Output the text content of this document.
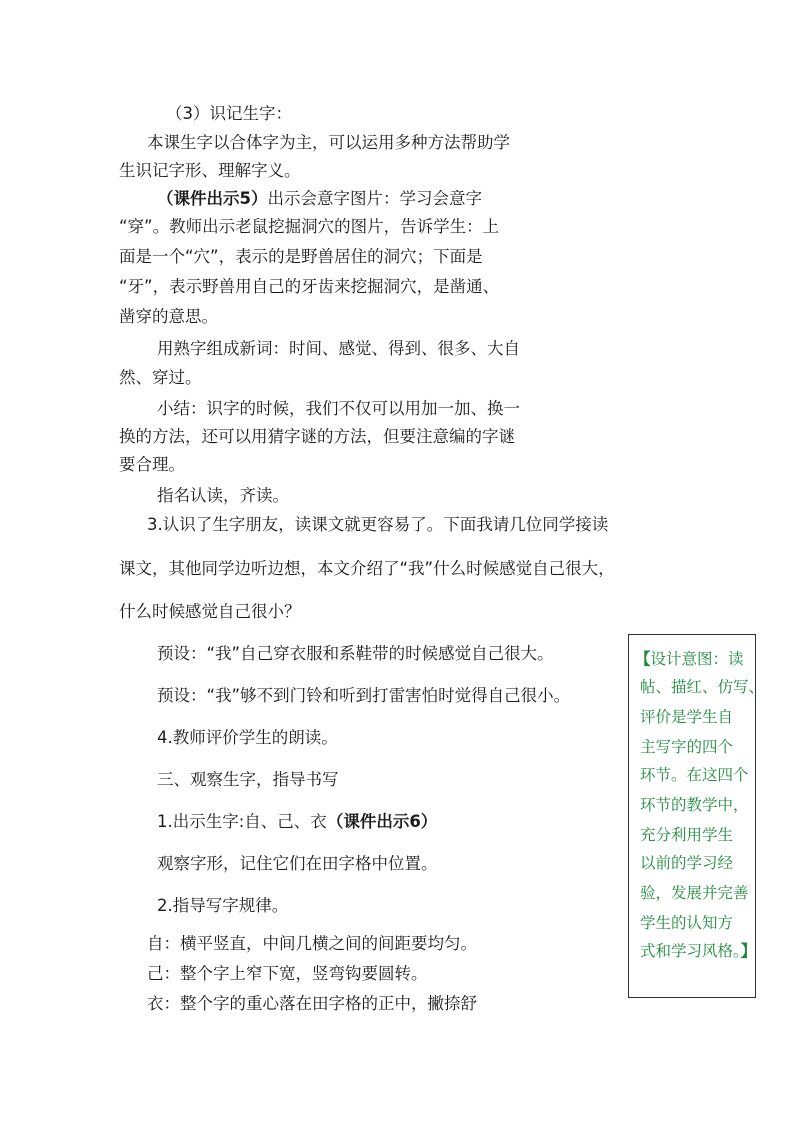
（3）识记生字：
本课生字以合体字为主，可以运用多种方法帮助学
生识记字形、理解字义。
（课件出示5）出示会意字图片：学习会意字
“穿”。教师出示老鼠挖掘洞穴的图片，告诉学生：上
面是一个“穴”，表示的是野兽居住的洞穴；下面是
“牙”，表示野兽用自己的牙齿来挖掘洞穴，是凿通、
凿穿的意思。
用熟字组成新词：时间、感觉、得到、很多、大自
然、穿过。
小结：识字的时候，我们不仅可以用加一加、换一
换的方法，还可以用猜字谜的方法，但要注意编的字谜
要合理。
指名认读，齐读。
3.认识了生字朋友，读课文就更容易了。下面我请几位同学接读
课文，其他同学边听边想，本文介绍了“我”什么时候感觉自己很大，
什么时候感觉自己很小？
预设：“我”自己穿衣服和系鞋带的时候感觉自己很大。
预设：“我”够不到门铃和听到打雷害怕时觉得自己很小。
4.教师评价学生的朗读。
三、观察生字，指导书写
1.出示生字:自、己、衣（课件出示6）
观察字形，记住它们在田字格中位置。
2.指导写字规律。
自：横平竖直，中间几横之间的间距要均匀。
己：整个字上窄下宽，竖弯钩要圆转。
衣：整个字的重心落在田字格的正中，撇捺舒
【设计意图：读
帖、描红、仿写、
评价是学生自
主写字的四个
环节。在这四个
环节的教学中，
充分利用学生
以前的学习经
验，发展并完善
学生的认知方
式和学习风格。】
